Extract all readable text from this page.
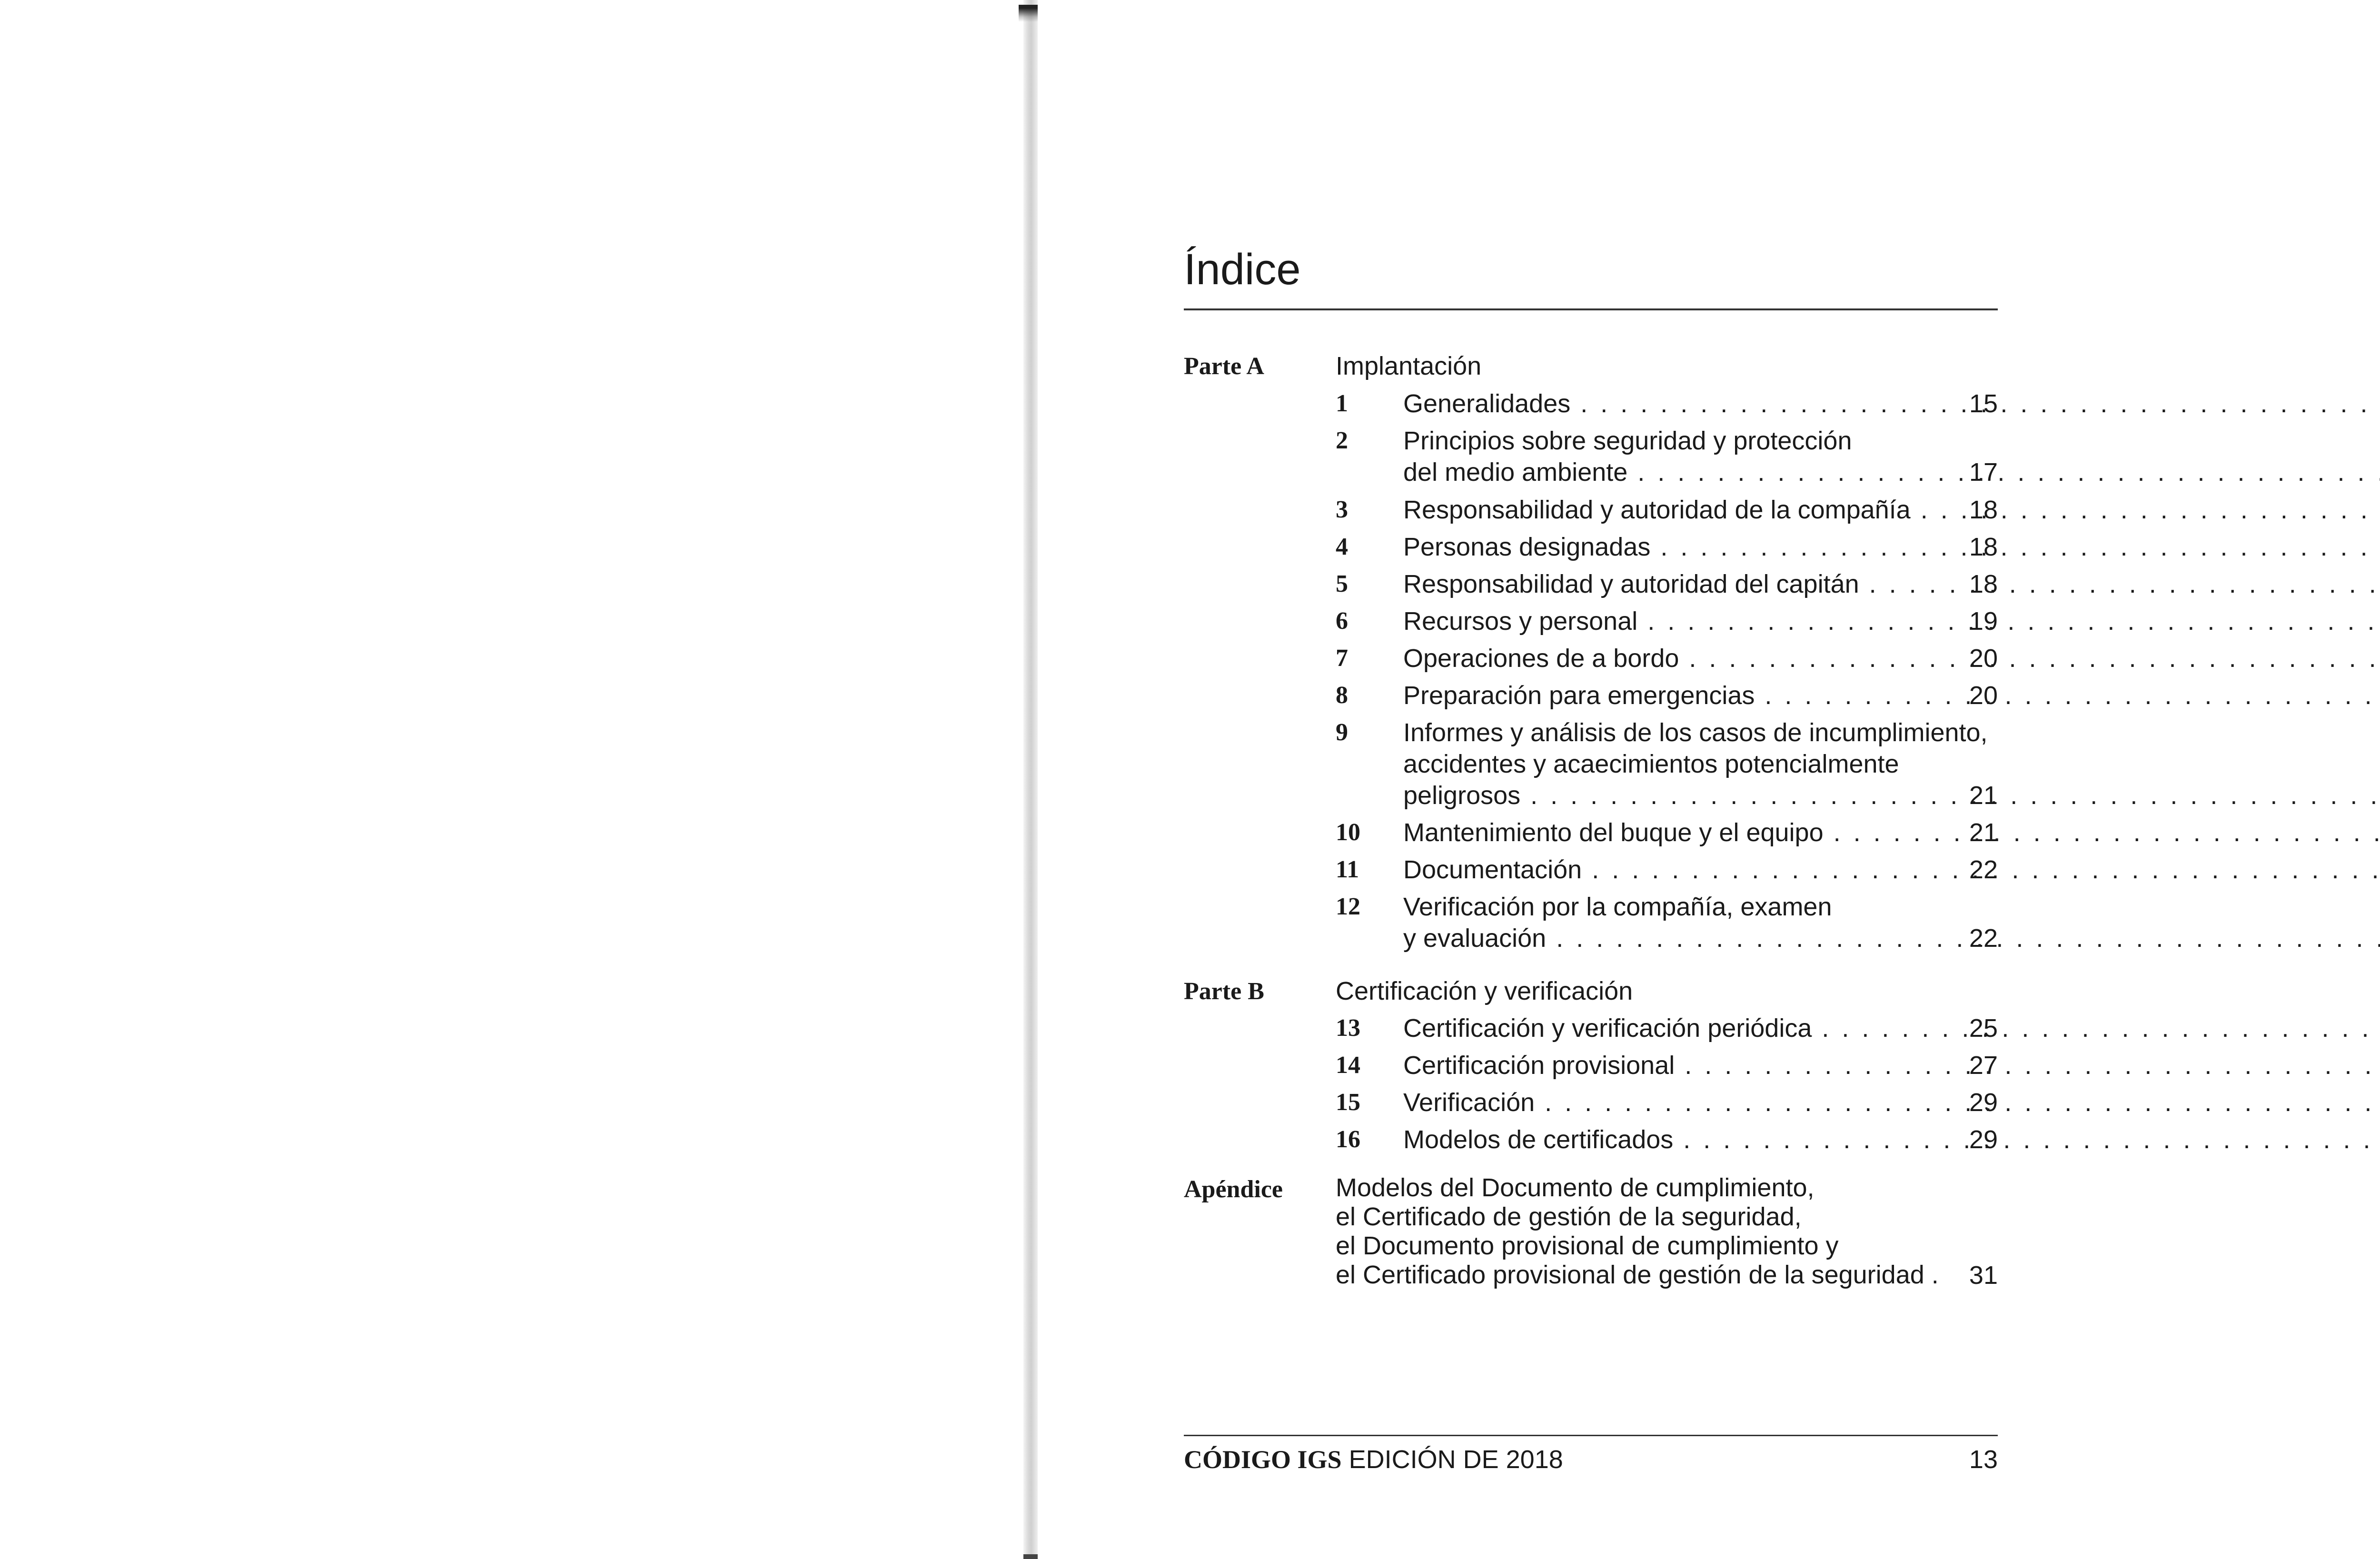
Índice
Parte A	Implantación
1 Generalidades . . .	15
2 Principios sobre seguridad y protección
del medio ambiente . . .	17
3 Responsabilidad y autoridad de la compañía . . .	18
4 Personas designadas . . .	18
5 Responsabilidad y autoridad del capitán . . .	18
6 Recursos y personal . . .	19
7 Operaciones de a bordo . . .	20
8 Preparación para emergencias . . .	20
9 Informes y análisis de los casos de incumplimiento,
accidentes y acaecimientos potencialmente
peligrosos . . .	21
10 Mantenimiento del buque y el equipo . . .	21
11 Documentación . . .	22
12 Verificación por la compañía, examen
y evaluación . . .	22
Parte B	Certificación y verificación
13 Certificación y verificación periódica . . .	25
14 Certificación provisional . . .	27
15 Verificación . . .	29
16 Modelos de certificados . . .	29
Apéndice Modelos del Documento de cumplimiento,
el Certificado de gestión de la seguridad,
el Documento provisional de cumplimiento y
el Certificado provisional de gestión de la seguridad .	31
CÓDIGO IGS EDICIÓN DE 2018	13
